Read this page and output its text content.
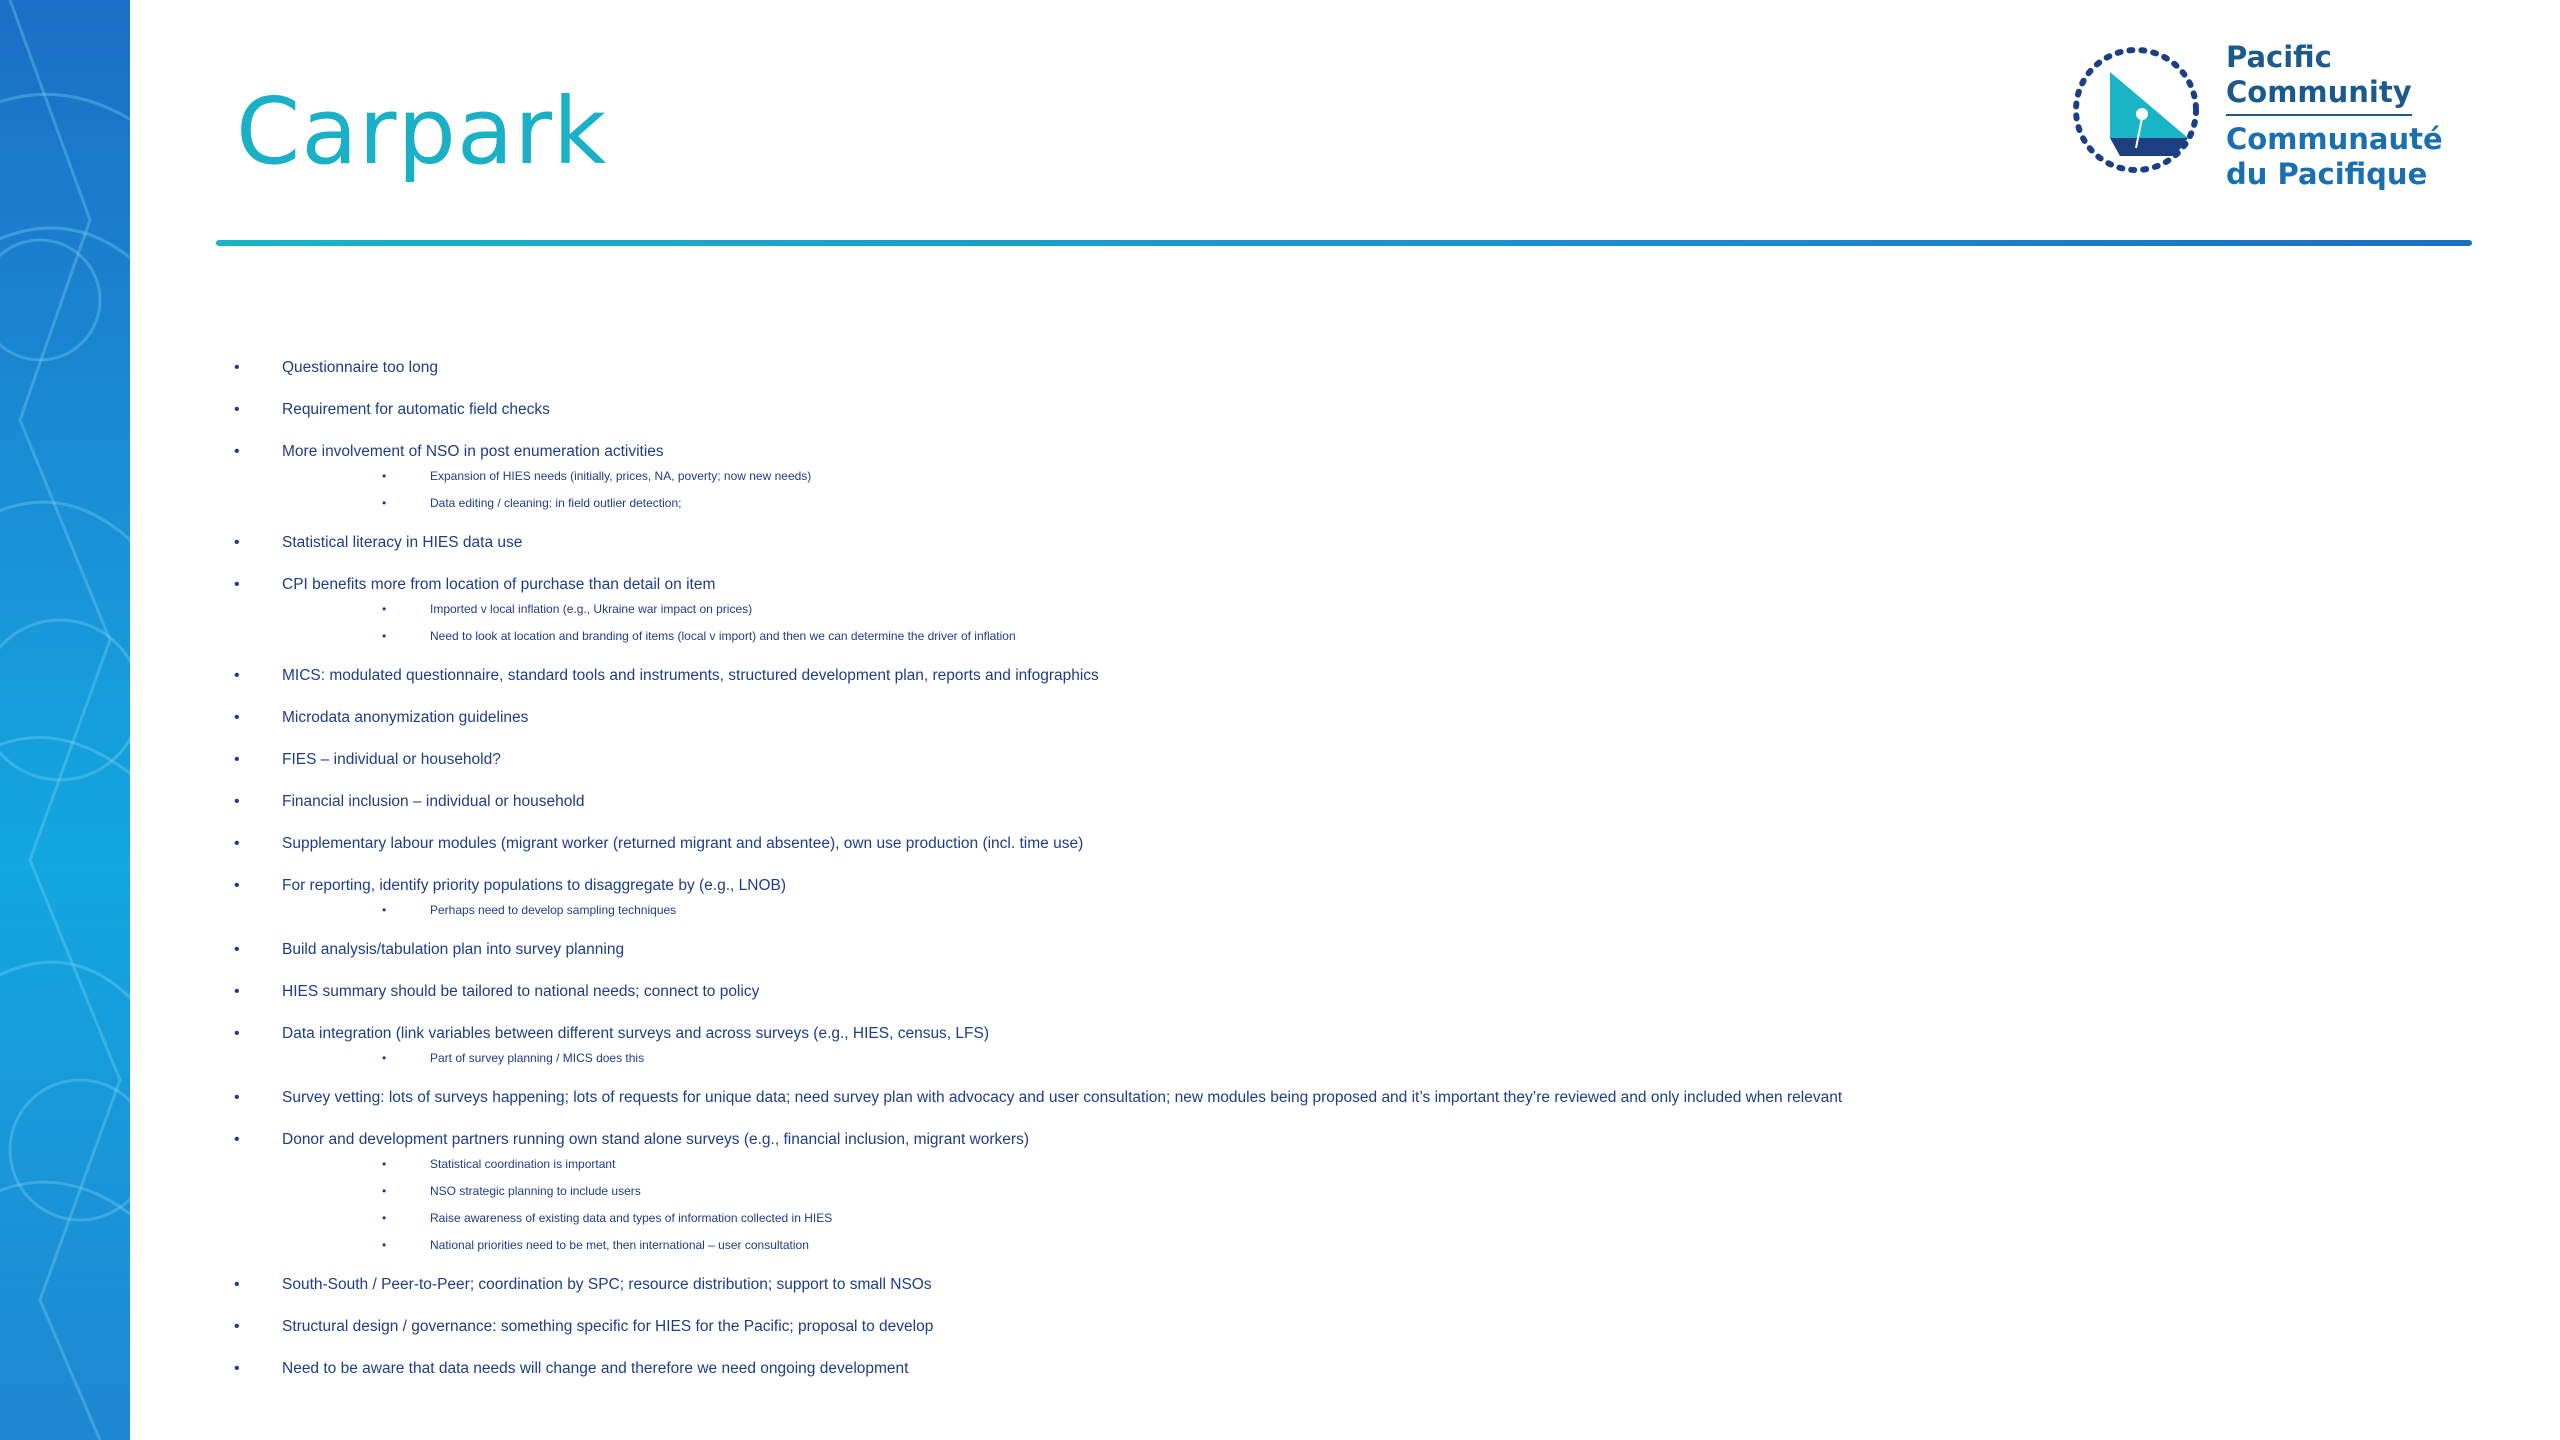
Carpark
Pacific
Community
Communauté
du Pacifique
•	Questionnaire too long
•	Requirement for automatic field checks
•	More involvement of NSO in post enumeration activities
•	Expansion of HIES needs (initially, prices, NA, poverty; now new needs)
•	Data editing / cleaning: in field outlier detection;
•	Statistical literacy in HIES data use
•	CPI benefits more from location of purchase than detail on item
•	Imported v local inflation (e.g., Ukraine war impact on prices)
•	Need to look at location and branding of items (local v import) and then we can determine the driver of inflation
•	MICS: modulated questionnaire, standard tools and instruments, structured development plan, reports and infographics
•	Microdata anonymization guidelines
•	FIES – individual or household?
•	Financial inclusion – individual or household
•	Supplementary labour modules (migrant worker (returned migrant and absentee), own use production (incl. time use)
•	For reporting, identify priority populations to disaggregate by (e.g., LNOB)
•	Perhaps need to develop sampling techniques
•	Build analysis/tabulation plan into survey planning
•	HIES summary should be tailored to national needs; connect to policy
•	Data integration (link variables between different surveys and across surveys (e.g., HIES, census, LFS)
•	Part of survey planning / MICS does this
•	Survey vetting: lots of surveys happening; lots of requests for unique data; need survey plan with advocacy and user consultation; new modules being proposed and it’s important they’re reviewed and only included when relevant
•	Donor and development partners running own stand alone surveys (e.g., financial inclusion, migrant workers)
•	Statistical coordination is important
•	NSO strategic planning to include users
•	Raise awareness of existing data and types of information collected in HIES
•	National priorities need to be met, then international – user consultation
•	South-South / Peer-to-Peer; coordination by SPC; resource distribution; support to small NSOs
•	Structural design / governance: something specific for HIES for the Pacific; proposal to develop
•	Need to be aware that data needs will change and therefore we need ongoing development
